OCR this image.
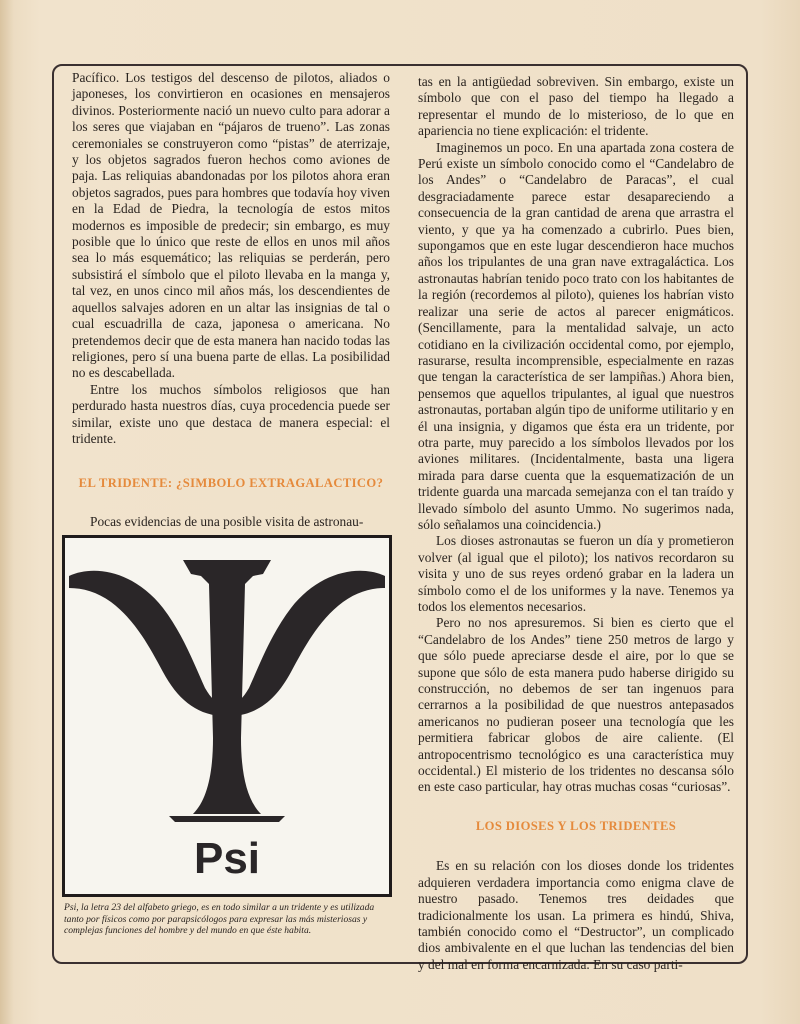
Pacífico. Los testigos del descenso de pilotos, aliados o japoneses, los convirtieron en ocasiones en mensajeros divinos. Posteriormente nació un nuevo culto para adorar a los seres que viajaban en “pájaros de trueno”. Las zonas ceremoniales se construyeron como “pistas” de aterrizaje, y los objetos sagrados fueron hechos como aviones de paja. Las reliquias abandonadas por los pilotos ahora eran objetos sagrados, pues para hombres que todavía hoy viven en la Edad de Piedra, la tecnología de estos mitos modernos es imposible de predecir; sin embargo, es muy posible que lo único que reste de ellos en unos mil años sea lo más esquemático; las reliquias se perderán, pero subsistirá el símbolo que el piloto llevaba en la manga y, tal vez, en unos cinco mil años más, los descendientes de aquellos salvajes adoren en un altar las insignias de tal o cual escuadrilla de caza, japonesa o americana. No pretendemos decir que de esta manera han nacido todas las religiones, pero sí una buena parte de ellas. La posibilidad no es descabellada.

Entre los muchos símbolos religiosos que han perdurado hasta nuestros días, cuya procedencia puede ser similar, existe uno que destaca de manera especial: el tridente.

EL TRIDENTE: ¿SIMBOLO EXTRAGALACTICO?

Pocas evidencias de una posible visita de astronau-

Psi
Psi, la letra 23 del alfabeto griego, es en todo similar a un tridente y es utilizada tanto por físicos como por parapsicólogos para expresar las más misteriosas y complejas funciones del hombre y del mundo en que éste habita.

tas en la antigüedad sobreviven. Sin embargo, existe un símbolo que con el paso del tiempo ha llegado a representar el mundo de lo misterioso, de lo que en apariencia no tiene explicación: el tridente.

Imaginemos un poco. En una apartada zona costera de Perú existe un símbolo conocido como el “Candelabro de los Andes” o “Candelabro de Paracas”, el cual desgraciadamente parece estar desapareciendo a consecuencia de la gran cantidad de arena que arrastra el viento, y que ya ha comenzado a cubrirlo. Pues bien, supongamos que en este lugar descendieron hace muchos años los tripulantes de una gran nave extragaláctica. Los astronautas habrían tenido poco trato con los habitantes de la región (recordemos al piloto), quienes los habrían visto realizar una serie de actos al parecer enigmáticos. (Sencillamente, para la mentalidad salvaje, un acto cotidiano en la civilización occidental como, por ejemplo, rasurarse, resulta incomprensible, especialmente en razas que tengan la característica de ser lampiñas.) Ahora bien, pensemos que aquellos tripulantes, al igual que nuestros astronautas, portaban algún tipo de uniforme utilitario y en él una insignia, y digamos que ésta era un tridente, por otra parte, muy parecido a los símbolos llevados por los aviones militares. (Incidentalmente, basta una ligera mirada para darse cuenta que la esquematización de un tridente guarda una marcada semejanza con el tan traído y llevado símbolo del asunto Ummo. No sugerimos nada, sólo señalamos una coincidencia.)

Los dioses astronautas se fueron un día y prometieron volver (al igual que el piloto); los nativos recordaron su visita y uno de sus reyes ordenó grabar en la ladera un símbolo como el de los uniformes y la nave. Tenemos ya todos los elementos necesarios.

Pero no nos apresuremos. Si bien es cierto que el “Candelabro de los Andes” tiene 250 metros de largo y que sólo puede apreciarse desde el aire, por lo que se supone que sólo de esta manera pudo haberse dirigido su construcción, no debemos de ser tan ingenuos para cerrarnos a la posibilidad de que nuestros antepasados americanos no pudieran poseer una tecnología que les permitiera fabricar globos de aire caliente. (El antropocentrismo tecnológico es una característica muy occidental.) El misterio de los tridentes no descansa sólo en este caso particular, hay otras muchas cosas “curiosas”.

LOS DIOSES Y LOS TRIDENTES

Es en su relación con los dioses donde los tridentes adquieren verdadera importancia como enigma clave de nuestro pasado. Tenemos tres deidades que tradicionalmente los usan. La primera es hindú, Shiva, también conocido como el “Destructor”, un complicado dios ambivalente en el que luchan las tendencias del bien y del mal en forma encarnizada. En su caso parti-
